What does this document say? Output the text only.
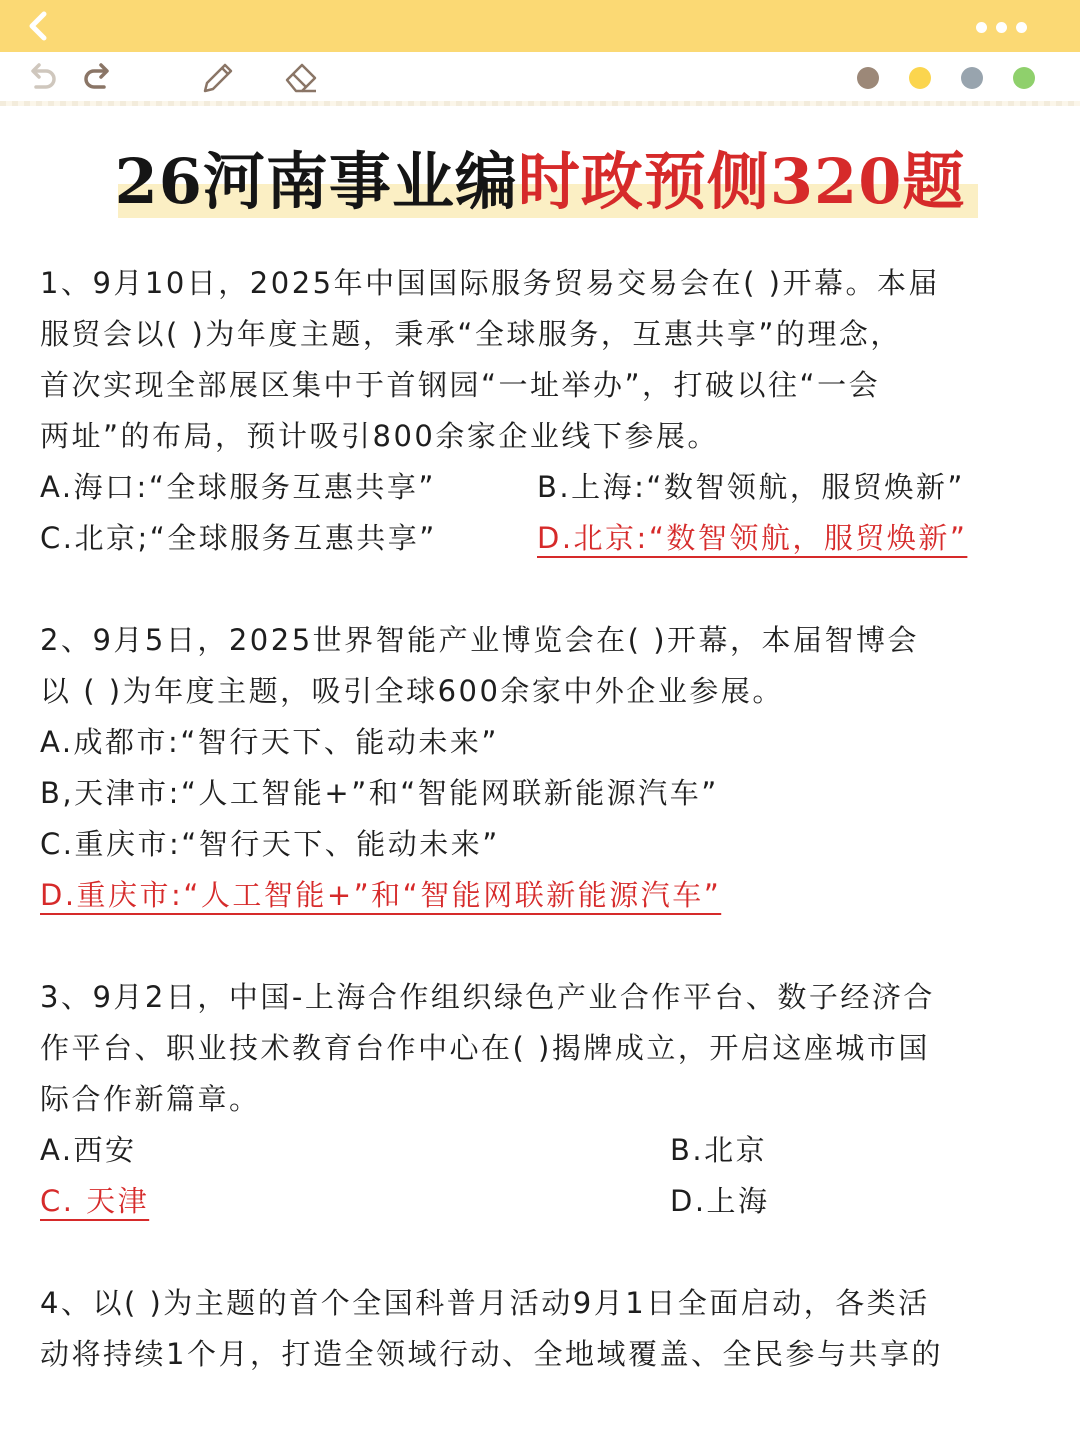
26河南事业编时政预侧320题

1、9月10日，2025年中国国际服务贸易交易会在( )开幕。本届

服贸会以( )为年度主题，秉承“全球服务，互惠共享”的理念，

首次实现全部展区集中于首钢园“一址举办”，打破以往“一会

两址”的布局，预计吸引800余家企业线下参展。

A.海口:“全球服务互惠共享”	B.上海:“数智领航，服贸焕新”
C.北京;“全球服务互惠共享”	D.北京:“数智领航，服贸焕新”

2、9月5日，2025世界智能产业博览会在( )开幕，本届智博会

以 ( )为年度主题，吸引全球600余家中外企业参展。

A.成都市:“智行天下、能动未来”

B,天津市:“人工智能+”和“智能网联新能源汽车”

C.重庆市:“智行天下、能动未来”

D.重庆市:“人工智能+”和“智能网联新能源汽车”

3、9月2日，中国-上海合作组织绿色产业合作平台、数子经济合

作平台、职业技术教育台作中心在( )揭牌成立，开启这座城市国

际合作新篇章。

A.西安	B.北京
C. 天津	D.上海

4、以( )为主题的首个全国科普月活动9月1日全面启动，各类活

动将持续1个月，打造全领域行动、全地域覆盖、全民参与共享的
